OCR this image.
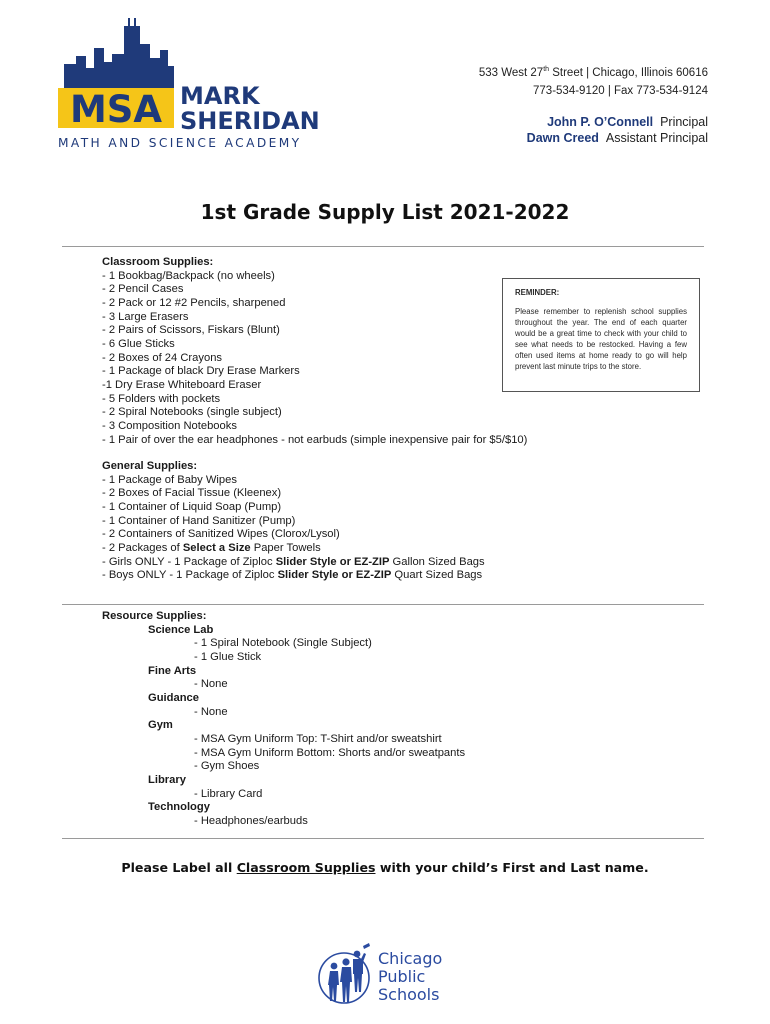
MSA MARK
SHERIDAN
MATH AND SCIENCE ACADEMY
533 West 27th Street | Chicago, Illinois 60616
773-534-9120 | Fax 773-534-9124
John P. O’Connell Principal
Dawn Creed Assistant Principal
1st Grade Supply List 2021-2022
Classroom Supplies:
- 1 Bookbag/Backpack (no wheels)
- 2 Pencil Cases
- 2 Pack or 12 #2 Pencils, sharpened
- 3 Large Erasers
- 2 Pairs of Scissors, Fiskars (Blunt)
- 6 Glue Sticks
- 2 Boxes of 24 Crayons
- 1 Package of black Dry Erase Markers
-1 Dry Erase Whiteboard Eraser
- 5 Folders with pockets
- 2 Spiral Notebooks (single subject)
- 3 Composition Notebooks
- 1 Pair of over the ear headphones - not earbuds (simple inexpensive pair for $5/$10)
REMINDER:
Please remember to replenish school supplies throughout the year. The end of each quarter would be a great time to check with your child to see what needs to be restocked. Having a few often used items at home ready to go will help prevent last minute trips to the store.
General Supplies:
- 1 Package of Baby Wipes
- 2 Boxes of Facial Tissue (Kleenex)
- 1 Container of Liquid Soap (Pump)
- 1 Container of Hand Sanitizer (Pump)
- 2 Containers of Sanitized Wipes (Clorox/Lysol)
- 2 Packages of Select a Size Paper Towels
- Girls ONLY - 1 Package of Ziploc Slider Style or EZ-ZIP Gallon Sized Bags
- Boys ONLY - 1 Package of Ziploc Slider Style or EZ-ZIP Quart Sized Bags
Resource Supplies:
Science Lab
- 1 Spiral Notebook (Single Subject)
- 1 Glue Stick
Fine Arts
- None
Guidance
- None
Gym
- MSA Gym Uniform Top: T-Shirt and/or sweatshirt
- MSA Gym Uniform Bottom: Shorts and/or sweatpants
- Gym Shoes
Library
- Library Card
Technology
- Headphones/earbuds
Please Label all Classroom Supplies with your child’s First and Last name.
Chicago
Public
Schools
